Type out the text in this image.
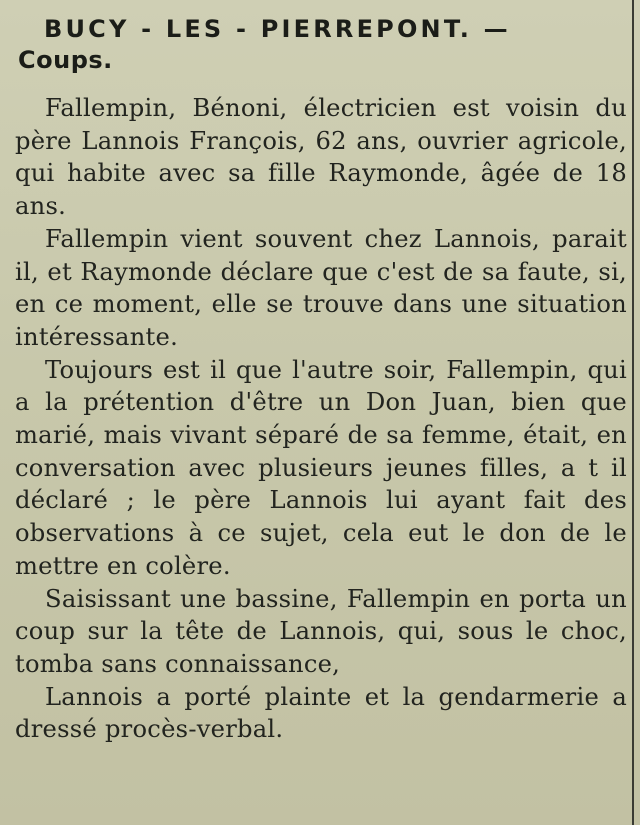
BUCY - LES - PIERREPONT. —
Coups.

Fallempin, Bénoni, électricien est voisin du père Lannois François, 62 ans, ouvrier agricole, qui habite avec sa fille Raymonde, âgée de 18 ans.

Fallempin vient souvent chez Lannois, parait il, et Raymonde déclare que c'est de sa faute, si, en ce moment, elle se trouve dans une situation intéressante.

Toujours est il que l'autre soir, Fallempin, qui a la prétention d'être un Don Juan, bien que marié, mais vivant séparé de sa femme, était, en conversation avec plusieurs jeunes filles, a t il déclaré ; le père Lannois lui ayant fait des observations à ce sujet, cela eut le don de le mettre en colère.

Saisissant une bassine, Fallempin en porta un coup sur la tête de Lannois, qui, sous le choc, tomba sans connaissance,

Lannois a porté plainte et la gendarmerie a dressé procès-verbal.
